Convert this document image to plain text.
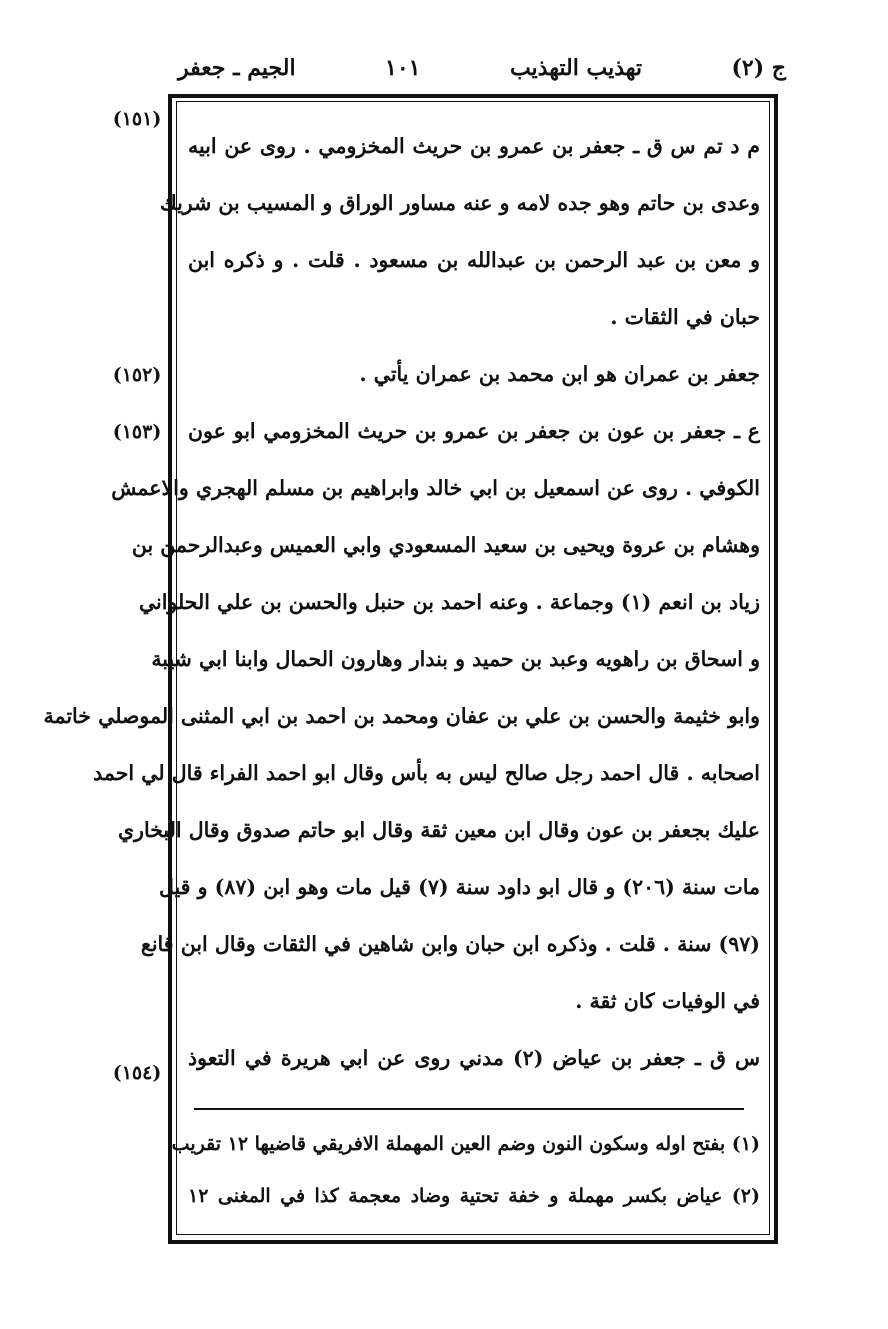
ج (٢)
تهذيب التهذيب
١٠١
الجيم ـ جعفر
(١٥١)
(١٥٢)
(١٥٣)
(١٥٤)
م د تم س ق ـ جعفر بن عمرو بن حريث المخزومي . روى عن ابيه
وعدى بن حاتم وهو جده لامه و عنه مساور الوراق و المسيب بن شريك
و معن بن عبد الرحمن بن عبدالله بن مسعود . قلت . و ذكره ابن
حبان في الثقات .
جعفر بن عمران هو ابن محمد بن عمران يأتي .
ع ـ جعفر بن عون بن جعفر بن عمرو بن حريث المخزومي ابو عون
الكوفي . روى عن اسمعيل بن ابي خالد وابراهيم بن مسلم الهجري والاعمش
وهشام بن عروة ويحيى بن سعيد المسعودي وابي العميس وعبدالرحمن بن
زياد بن انعم (١) وجماعة . وعنه احمد بن حنبل والحسن بن علي الحلواني
و اسحاق بن راهويه وعبد بن حميد و بندار وهارون الحمال وابنا ابي شيبة
وابو خثيمة والحسن بن علي بن عفان ومحمد بن احمد بن ابي المثنى الموصلي خاتمة
اصحابه . قال احمد رجل صالح ليس به بأس وقال ابو احمد الفراء قال لي احمد
عليك بجعفر بن عون وقال ابن معين ثقة وقال ابو حاتم صدوق وقال البخاري
مات سنة (٢٠٦) و قال ابو داود سنة (٧) قيل مات وهو ابن (٨٧) و قيل
(٩٧) سنة . قلت . وذكره ابن حبان وابن شاهين في الثقات وقال ابن قانع
في الوفيات كان ثقة .
س ق ـ جعفر بن عياض (٢) مدني روى عن ابي هريرة في التعوذ
(١) بفتح اوله وسكون النون وضم العين المهملة الافريقي قاضيها ١٢ تقريب
(٢) عياض بكسر مهملة و خفة تحتية وضاد معجمة كذا في المغنى ١٢
